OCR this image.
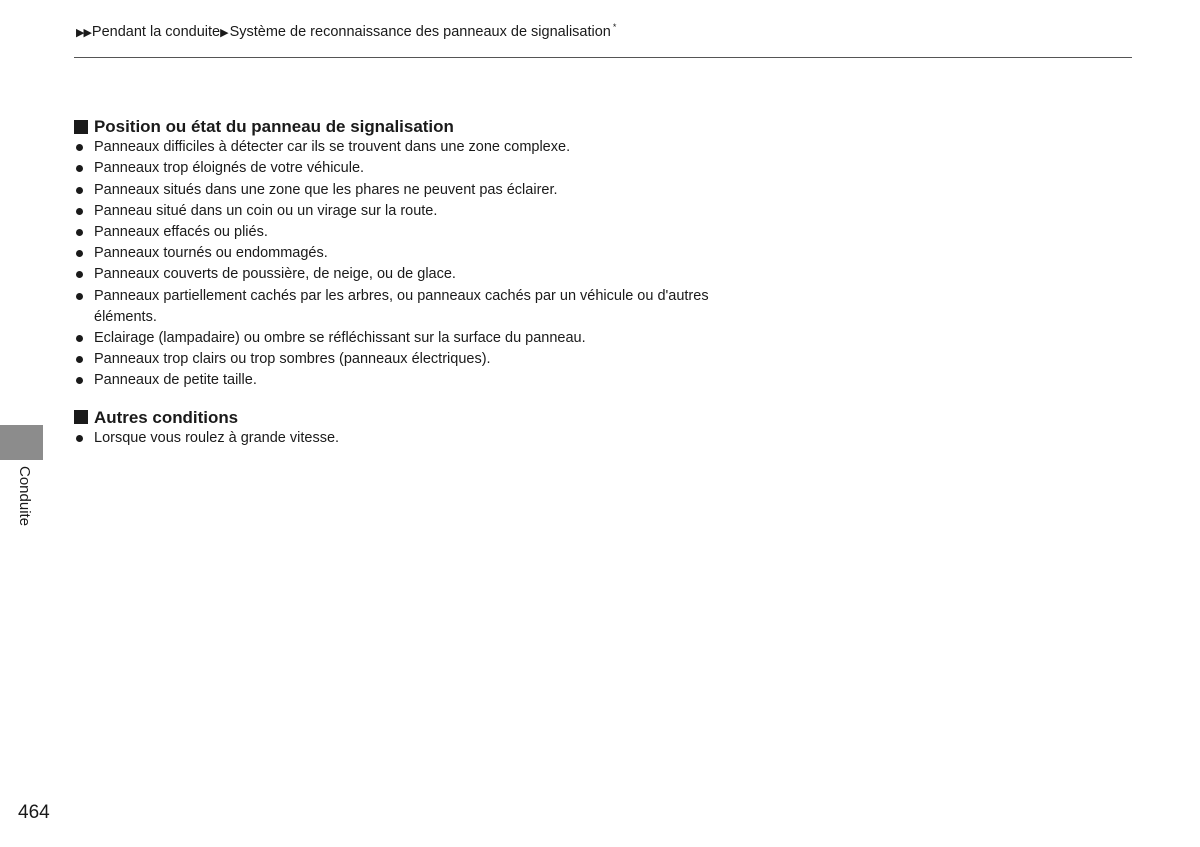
▶▶ Pendant la conduite ▶ Système de reconnaissance des panneaux de signalisation *
Position ou état du panneau de signalisation
Panneaux difficiles à détecter car ils se trouvent dans une zone complexe.
Panneaux trop éloignés de votre véhicule.
Panneaux situés dans une zone que les phares ne peuvent pas éclairer.
Panneau situé dans un coin ou un virage sur la route.
Panneaux effacés ou pliés.
Panneaux tournés ou endommagés.
Panneaux couverts de poussière, de neige, ou de glace.
Panneaux partiellement cachés par les arbres, ou panneaux cachés par un véhicule ou d'autres éléments.
Eclairage (lampadaire) ou ombre se réfléchissant sur la surface du panneau.
Panneaux trop clairs ou trop sombres (panneaux électriques).
Panneaux de petite taille.
Autres conditions
Lorsque vous roulez à grande vitesse.
Conduite
464
